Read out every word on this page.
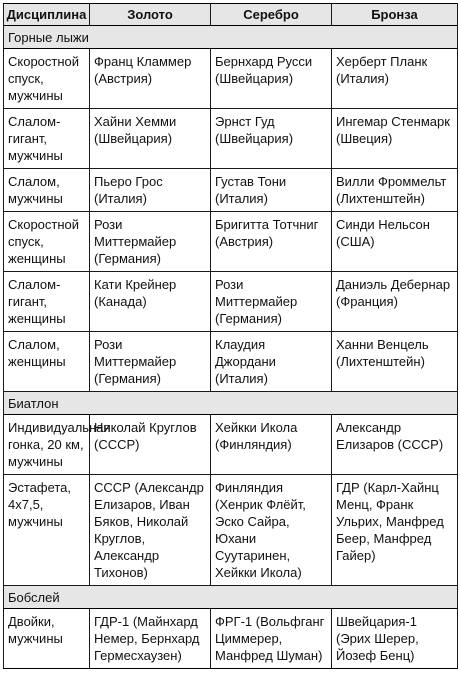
Дисциплина	Золото	Серебро	Бронза
Горные лыжи			
Скоростной спуск, мужчины	Франц Кламмер (Австрия)	Бернхард Русси (Швейцария)	Херберт Планк (Италия)
Слалом-гигант, мужчины	Хайни Хемми (Швейцария)	Эрнст Гуд (Швейцария)	Ингемар Стенмарк (Швеция)
Слалом, мужчины	Пьеро Грос (Италия)	Густав Тони (Италия)	Вилли Фроммельт (Лихтенштейн)
Скоростной спуск, женщины	Рози Миттермайер (Германия)	Бригитта Тотчниг (Австрия)	Синди Нельсон (США)
Слалом-гигант, женщины	Кати Крейнер (Канада)	Рози Миттермайер (Германия)	Даниэль Дебернар (Франция)
Слалом, женщины	Рози Миттермайер (Германия)	Клаудия Джордани (Италия)	Ханни Венцель (Лихтенштейн)
Биатлон			
Индивидуальная гонка, 20 км, мужчины	Николай Круглов (СССР)	Хейкки Икола (Финляндия)	Александр Елизаров (СССР)
Эстафета, 4х7,5, мужчины	СССР (Александр Елизаров, Иван Бяков, Николай Круглов, Александр Тихонов)	Финляндия (Хенрик Флёйт, Эско Сайра, Юхани Суутаринен, Хейкки Икола)	ГДР (Карл-Хайнц Менц, Франк Ульрих, Манфред Беер, Манфред Гайер)
Бобслей			
Двойки, мужчины	ГДР-1 (Майнхард Немер, Бернхард Гермесхаузен)	ФРГ-1 (Вольфганг Циммерер, Манфред Шуман)	Швейцария-1 (Эрих Шерер, Йозеф Бенц)
